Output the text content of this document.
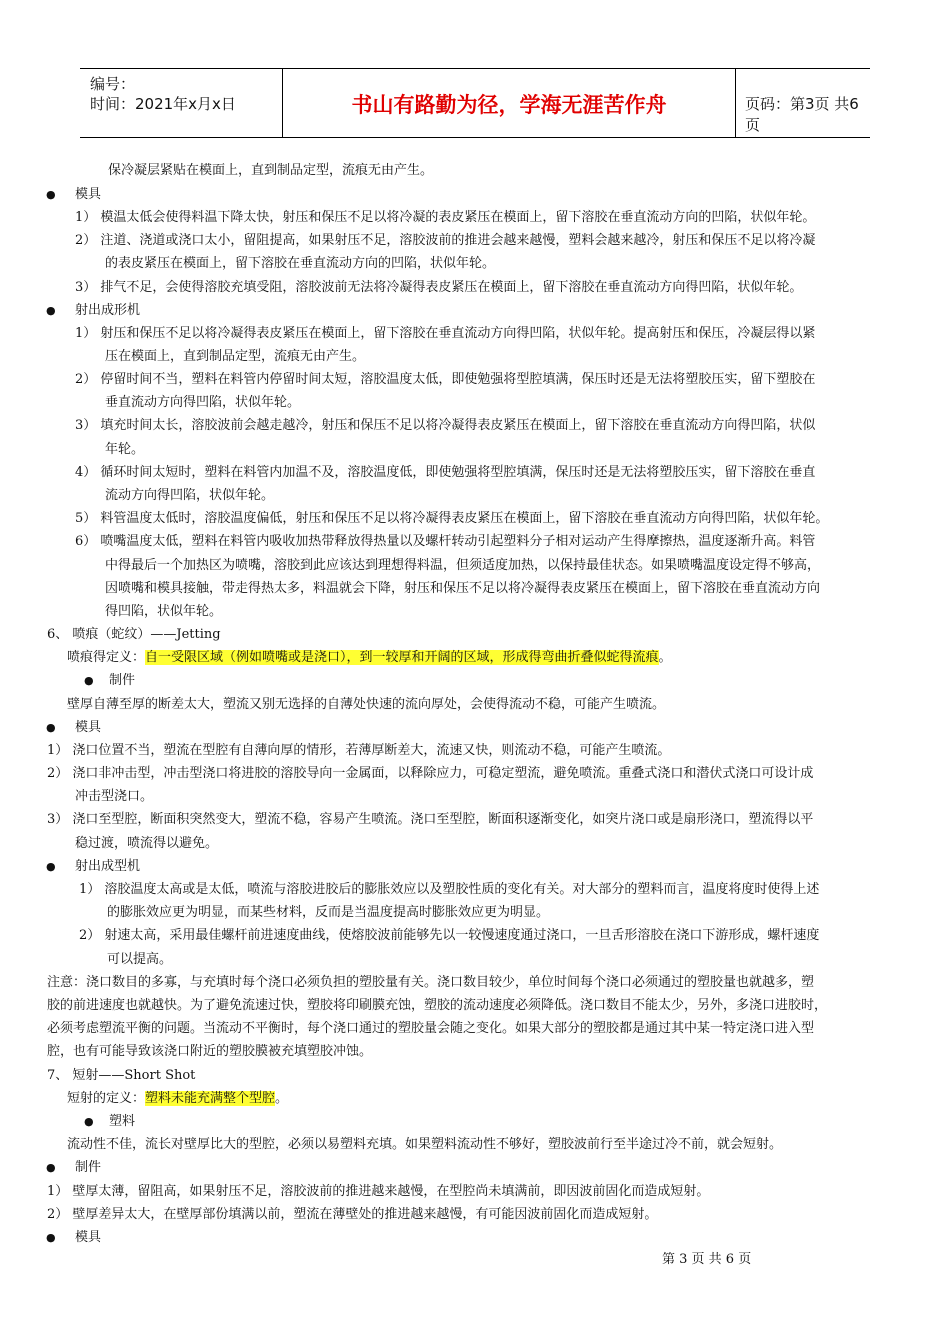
编号：
时间：2021年x月x日	书山有路勤为径，学海无涯苦作舟	页码：第3页 共6页
保冷凝层紧贴在模面上，直到制品定型，流痕无由产生。
● 模具
1） 模温太低会使得料温下降太快，射压和保压不足以将冷凝的表皮紧压在模面上，留下溶胶在垂直流动方向的凹陷，状似年轮。
2） 注道、浇道或浇口太小，留阻提高，如果射压不足，溶胶波前的推进会越来越慢，塑料会越来越冷，射压和保压不足以将冷凝
的表皮紧压在模面上，留下溶胶在垂直流动方向的凹陷，状似年轮。
3） 排气不足，会使得溶胶充填受阻，溶胶波前无法将冷凝得表皮紧压在模面上，留下溶胶在垂直流动方向得凹陷，状似年轮。
● 射出成形机
1） 射压和保压不足以将冷凝得表皮紧压在模面上，留下溶胶在垂直流动方向得凹陷，状似年轮。提高射压和保压，冷凝层得以紧
压在模面上，直到制品定型，流痕无由产生。
2） 停留时间不当，塑料在料管内停留时间太短，溶胶温度太低，即使勉强将型腔填满，保压时还是无法将塑胶压实，留下塑胶在
垂直流动方向得凹陷，状似年轮。
3） 填充时间太长，溶胶波前会越走越冷，射压和保压不足以将冷凝得表皮紧压在模面上，留下溶胶在垂直流动方向得凹陷，状似
年轮。
4） 循环时间太短时，塑料在料管内加温不及，溶胶温度低，即使勉强将型腔填满，保压时还是无法将塑胶压实，留下溶胶在垂直
流动方向得凹陷，状似年轮。
5） 料管温度太低时，溶胶温度偏低，射压和保压不足以将冷凝得表皮紧压在模面上，留下溶胶在垂直流动方向得凹陷，状似年轮。
6） 喷嘴温度太低，塑料在料管内吸收加热带释放得热量以及螺杆转动引起塑料分子相对运动产生得摩擦热，温度逐渐升高。料管
中得最后一个加热区为喷嘴，溶胶到此应该达到理想得料温，但须适度加热，以保持最佳状态。如果喷嘴温度设定得不够高，
因喷嘴和模具接触，带走得热太多，料温就会下降，射压和保压不足以将冷凝得表皮紧压在模面上，留下溶胶在垂直流动方向
得凹陷，状似年轮。
6、 喷痕（蛇纹）——Jetting
喷痕得定义：自一受限区域（例如喷嘴或是浇口），到一较厚和开阔的区域，形成得弯曲折叠似蛇得流痕。
● 制件
壁厚自薄至厚的断差太大，塑流又别无选择的自薄处快速的流向厚处，会使得流动不稳，可能产生喷流。
● 模具
1） 浇口位置不当，塑流在型腔有自薄向厚的情形，若薄厚断差大，流速又快，则流动不稳，可能产生喷流。
2） 浇口非冲击型，冲击型浇口将进胶的溶胶导向一金属面，以释除应力，可稳定塑流，避免喷流。重叠式浇口和潜伏式浇口可设计成
冲击型浇口。
3） 浇口至型腔，断面积突然变大，塑流不稳，容易产生喷流。浇口至型腔，断面积逐渐变化，如突片浇口或是扇形浇口，塑流得以平
稳过渡，喷流得以避免。
● 射出成型机
1） 溶胶温度太高或是太低，喷流与溶胶进胶后的膨胀效应以及塑胶性质的变化有关。对大部分的塑料而言，温度将度时使得上述
的膨胀效应更为明显，而某些材料，反而是当温度提高时膨胀效应更为明显。
2） 射速太高，采用最佳螺杆前进速度曲线，使熔胶波前能够先以一较慢速度通过浇口，一旦舌形溶胶在浇口下游形成，螺杆速度
可以提高。
注意：浇口数目的多寡，与充填时每个浇口必须负担的塑胶量有关。浇口数目较少，单位时间每个浇口必须通过的塑胶量也就越多，塑
胶的前进速度也就越快。为了避免流速过快，塑胶将印刷膜充蚀，塑胶的流动速度必须降低。浇口数目不能太少，另外，多浇口进胶时，
必须考虑塑流平衡的问题。当流动不平衡时，每个浇口通过的塑胶量会随之变化。如果大部分的塑胶都是通过其中某一特定浇口进入型
腔，也有可能导致该浇口附近的塑胶膜被充填塑胶冲蚀。
7、 短射——Short Shot
短射的定义：塑料未能充满整个型腔。
● 塑料
流动性不佳，流长对壁厚比大的型腔，必须以易塑料充填。如果塑料流动性不够好，塑胶波前行至半途过冷不前，就会短射。
● 制件
1） 壁厚太薄，留阻高，如果射压不足，溶胶波前的推进越来越慢，在型腔尚未填满前，即因波前固化而造成短射。
2） 壁厚差异太大，在壁厚部份填满以前，塑流在薄壁处的推进越来越慢，有可能因波前固化而造成短射。
● 模具
第 3 页 共 6 页
